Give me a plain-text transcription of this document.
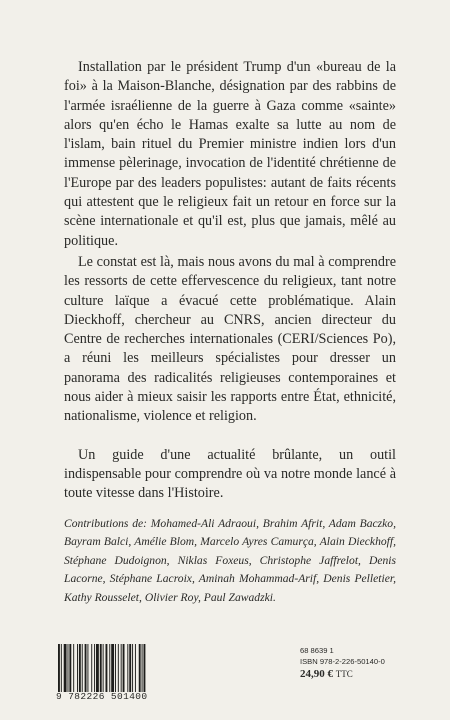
Installation par le président Trump d'un «bureau de la foi» à la Maison-Blanche, désignation par des rabbins de l'armée israélienne de la guerre à Gaza comme «sainte» alors qu'en écho le Hamas exalte sa lutte au nom de l'islam, bain rituel du Premier ministre indien lors d'un immense pèlerinage, invocation de l'identité chrétienne de l'Europe par des leaders populistes: autant de faits récents qui attestent que le religieux fait un retour en force sur la scène internationale et qu'il est, plus que jamais, mêlé au politique.

Le constat est là, mais nous avons du mal à comprendre les ressorts de cette effervescence du religieux, tant notre culture laïque a évacué cette problématique. Alain Dieckhoff, chercheur au CNRS, ancien directeur du Centre de recherches internationales (CERI/Sciences Po), a réuni les meilleurs spécialistes pour dresser un panorama des radicalités religieuses contemporaines et nous aider à mieux saisir les rapports entre État, ethnicité, nationalisme, violence et religion.

Un guide d'une actualité brûlante, un outil indispensable pour comprendre où va notre monde lancé à toute vitesse dans l'Histoire.

Contributions de: Mohamed-Ali Adraoui, Brahim Afrit, Adam Baczko, Bayram Balci, Amélie Blom, Marcelo Ayres Camurça, Alain Dieckhoff, Stéphane Dudoignon, Niklas Foxeus, Christophe Jaffrelot, Denis Lacorne, Stéphane Lacroix, Aminah Mohammad-Arif, Denis Pelletier, Kathy Rousselet, Olivier Roy, Paul Zawadzki.
9 782226 501400
68 8639 1
ISBN 978-2-226-50140-0
24,90 € TTC
